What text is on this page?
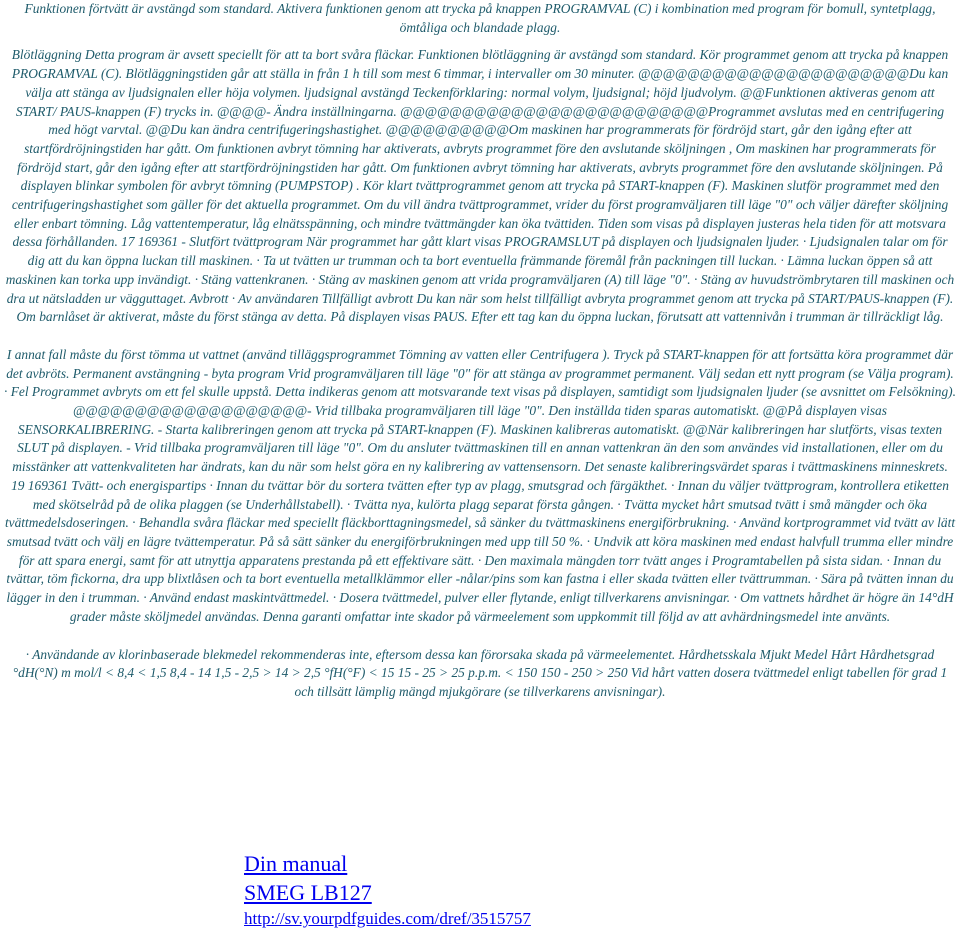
Funktionen förtvätt är avstängd som standard. Aktivera funktionen genom att trycka på knappen PROGRAMVAL (C) i kombination med program för bomull, syntetplagg, ömtåliga och blandade plagg.

Blötläggning Detta program är avsett speciellt för att ta bort svåra fläckar. Funktionen blötläggning är avstängd som standard. Kör programmet genom att trycka på knappen PROGRAMVAL (C). Blötläggningstiden går att ställa in från 1 h till som mest 6 timmar, i intervaller om 30 minuter. @@@@@@@@@@@@@@@@@@@@@@Du kan välja att stänga av ljudsignalen eller höja volymen. ljudsignal avstängd Teckenförklaring: normal volym, ljudsignal; höjd ljudvolym. @@Funktionen aktiveras genom att START/ PAUS-knappen (F) trycks in. @@@@- Ändra inställningarna. @@@@@@@@@@@@@@@@@@@@@@@@@Programmet avslutas med en centrifugering med högt varvtal. @@Du kan ändra centrifugeringshastighet. @@@@@@@@@@Om maskinen har programmerats för fördröjd start, går den igång efter att startfördröjningstiden har gått. Om funktionen avbryt tömning har aktiverats, avbryts programmet före den avslutande sköljningen , Om maskinen har programmerats för fördröjd start, går den igång efter att startfördröjningstiden har gått. Om funktionen avbryt tömning har aktiverats, avbryts programmet före den avslutande sköljningen. På displayen blinkar symbolen för avbryt tömning (PUMPSTOP) . Kör klart tvättprogrammet genom att trycka på START-knappen (F). Maskinen slutför programmet med den centrifugeringshastighet som gäller för det aktuella programmet. Om du vill ändra tvättprogrammet, vrider du först programväljaren till läge "0" och väljer därefter sköljning eller enbart tömning. Låg vattentemperatur, låg elnätsspänning, och mindre tvättmängder kan öka tvättiden. Tiden som visas på displayen justeras hela tiden för att motsvara dessa förhållanden. 17 169361 - Slutfört tvättprogram När programmet har gått klart visas PROGRAMSLUT på displayen och ljudsignalen ljuder. · Ljudsignalen talar om för dig att du kan öppna luckan till maskinen. · Ta ut tvätten ur trumman och ta bort eventuella främmande föremål från packningen till luckan. · Lämna luckan öppen så att maskinen kan torka upp invändigt. · Stäng vattenkranen. · Stäng av maskinen genom att vrida programväljaren (A) till läge "0". · Stäng av huvudströmbrytaren till maskinen och dra ut nätsladden ur vägguttaget. Avbrott · Av användaren Tillfälligt avbrott Du kan när som helst tillfälligt avbryta programmet genom att trycka på START/PAUS-knappen (F). Om barnlåset är aktiverat, måste du först stänga av detta. På displayen visas PAUS. Efter ett tag kan du öppna luckan, förutsatt att vattennivån i trumman är tillräckligt låg.

I annat fall måste du först tömma ut vattnet (använd tilläggsprogrammet Tömning av vatten eller Centrifugera ). Tryck på START-knappen för att fortsätta köra programmet där det avbröts. Permanent avstängning - byta program Vrid programväljaren till läge "0" för att stänga av programmet permanent. Välj sedan ett nytt program (se Välja program). · Fel Programmet avbryts om ett fel skulle uppstå. Detta indikeras genom att motsvarande text visas på displayen, samtidigt som ljudsignalen ljuder (se avsnittet om Felsökning). @@@@@@@@@@@@@@@@@@@- Vrid tillbaka programväljaren till läge "0". Den inställda tiden sparas automatiskt. @@På displayen visas SENSORKALIBRERING. - Starta kalibreringen genom att trycka på START-knappen (F). Maskinen kalibreras automatiskt. @@När kalibreringen har slutförts, visas texten SLUT på displayen. - Vrid tillbaka programväljaren till läge "0". Om du ansluter tvättmaskinen till en annan vattenkran än den som användes vid installationen, eller om du misstänker att vattenkvaliteten har ändrats, kan du när som helst göra en ny kalibrering av vattensensorn. Det senaste kalibreringsvärdet sparas i tvättmaskinens minneskrets. 19 169361 Tvätt- och energispartips · Innan du tvättar bör du sortera tvätten efter typ av plagg, smutsgrad och färgäkthet. · Innan du väljer tvättprogram, kontrollera etiketten med skötselråd på de olika plaggen (se Underhållstabell). · Tvätta nya, kulörta plagg separat första gången. · Tvätta mycket hårt smutsad tvätt i små mängder och öka tvättmedelsdoseringen. · Behandla svåra fläckar med speciellt fläckborttagningsmedel, så sänker du tvättmaskinens energiförbrukning. · Använd kortprogrammet vid tvätt av lätt smutsad tvätt och välj en lägre tvättemperatur. På så sätt sänker du energiförbrukningen med upp till 50 %. · Undvik att köra maskinen med endast halvfull trumma eller mindre för att spara energi, samt för att utnyttja apparatens prestanda på ett effektivare sätt. · Den maximala mängden torr tvätt anges i Programtabellen på sista sidan. · Innan du tvättar, töm fickorna, dra upp blixtlåsen och ta bort eventuella metallklämmor eller -nålar/pins som kan fastna i eller skada tvätten eller tvättrumman. · Sära på tvätten innan du lägger in den i trumman. · Använd endast maskintvättmedel. · Dosera tvättmedel, pulver eller flytande, enligt tillverkarens anvisningar. · Om vattnets hårdhet är högre än 14°dH grader måste sköljmedel användas. Denna garanti omfattar inte skador på värmeelement som uppkommit till följd av att avhärdningsmedel inte använts.

· Användande av klorinbaserade blekmedel rekommenderas inte, eftersom dessa kan förorsaka skada på värmeelementet. Hårdhetsskala Mjukt Medel Hårt Hårdhetsgrad °dH(°N) m mol/l < 8,4 < 1,5 8,4 - 14 1,5 - 2,5 > 14 > 2,5 °fH(°F) < 15 15 - 25 > 25 p.p.m. < 150 150 - 250 > 250 Vid hårt vatten dosera tvättmedel enligt tabellen för grad 1 och tillsätt lämplig mängd mjukgörare (se tillverkarens anvisningar).

Din manual
SMEG LB127
http://sv.yourpdfguides.com/dref/3515757
